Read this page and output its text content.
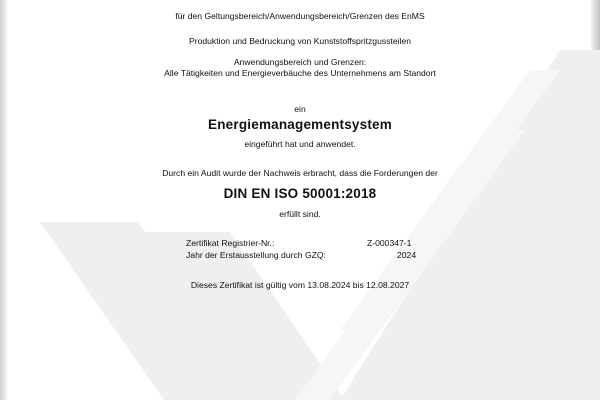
für den Geltungsbereich/Anwendungsbereich/Grenzen des EnMS
Produktion und Bedruckung von Kunststoffspritzgussteilen
Anwendungsbereich und Grenzen:
Alle Tätigkeiten und Energieverbäuche des Unternehmens am Standort
ein
Energiemanagementsystem
eingeführt hat und anwendet.
Durch ein Audit wurde der Nachweis erbracht, dass die Forderungen der
DIN EN ISO 50001:2018
erfüllt sind.
Zertifikat Registrier-Nr.:	Z-000347-1
Jahr der Erstausstellung durch GZQ:	2024
Dieses Zertifikat ist gültig vom 13.08.2024 bis 12.08.2027
